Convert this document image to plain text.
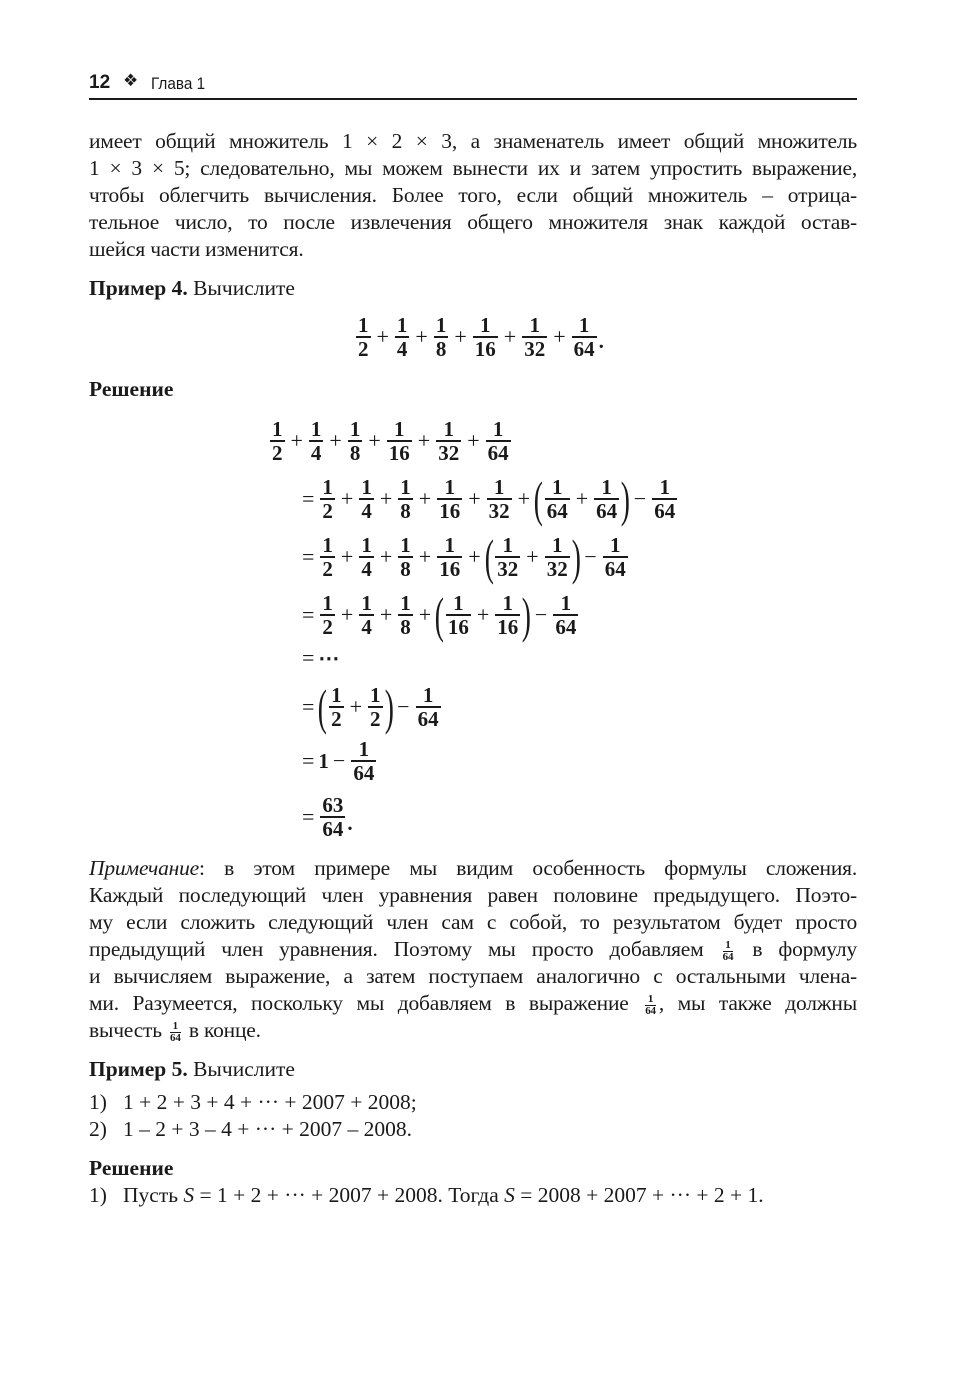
12 ❖ Глава 1
имеет общий множитель 1 × 2 × 3, а знаменатель имеет общий множитель
1 × 3 × 5; следовательно, мы можем вынести их и затем упростить выражение,
чтобы облегчить вычисления. Более того, если общий множитель – отрица-
тельное число, то после извлечения общего множителя знак каждой остав-
шейся части изменится.
Пример 4. Вычислите
$\frac{1}{2} + \frac{1}{4} + \frac{1}{8} + \frac{1}{16} + \frac{1}{32} + \frac{1}{64}$ .
Решение
$\frac{1}{2} + \frac{1}{4} + \frac{1}{8} + \frac{1}{16} + \frac{1}{32} + \frac{1}{64}$
= $\frac{1}{2} + \frac{1}{4} + \frac{1}{8} + \frac{1}{16} + \frac{1}{32}$ + ( $\frac{1}{64} + \frac{1}{64}$ ) − $\frac{1}{64}$
= $\frac{1}{2} + \frac{1}{4} + \frac{1}{8} + \frac{1}{16}$ + ( $\frac{1}{32} + \frac{1}{32}$ ) − $\frac{1}{64}$
= $\frac{1}{2} + \frac{1}{4} + \frac{1}{8}$ + ( $\frac{1}{16} + \frac{1}{16}$ ) − $\frac{1}{64}$
= ⋯
= ( $\frac{1}{2} + \frac{1}{2}$ ) − $\frac{1}{64}$
= $1 - \frac{1}{64}$
= $\frac{63}{64}$ .
Примечание: в этом примере мы видим особенность формулы сложения.
Каждый последующий член уравнения равен половине предыдущего. Поэто-
му если сложить следующий член сам с собой, то результатом будет просто
предыдущий член уравнения. Поэтому мы просто добавляем $\frac{1}{64}$ в формулу
и вычисляем выражение, а затем поступаем аналогично с остальными члена-
ми. Разумеется, поскольку мы добавляем в выражение $\frac{1}{64}$ , мы также должны
вычесть $\frac{1}{64}$ в конце.
Пример 5. Вычислите
1) 1 + 2 + 3 + 4 + ··· + 2007 + 2008;
2) 1 – 2 + 3 – 4 + ··· + 2007 – 2008.
Решение
1) Пусть S = 1 + 2 + ··· + 2007 + 2008. Тогда S = 2008 + 2007 + ··· + 2 + 1.
